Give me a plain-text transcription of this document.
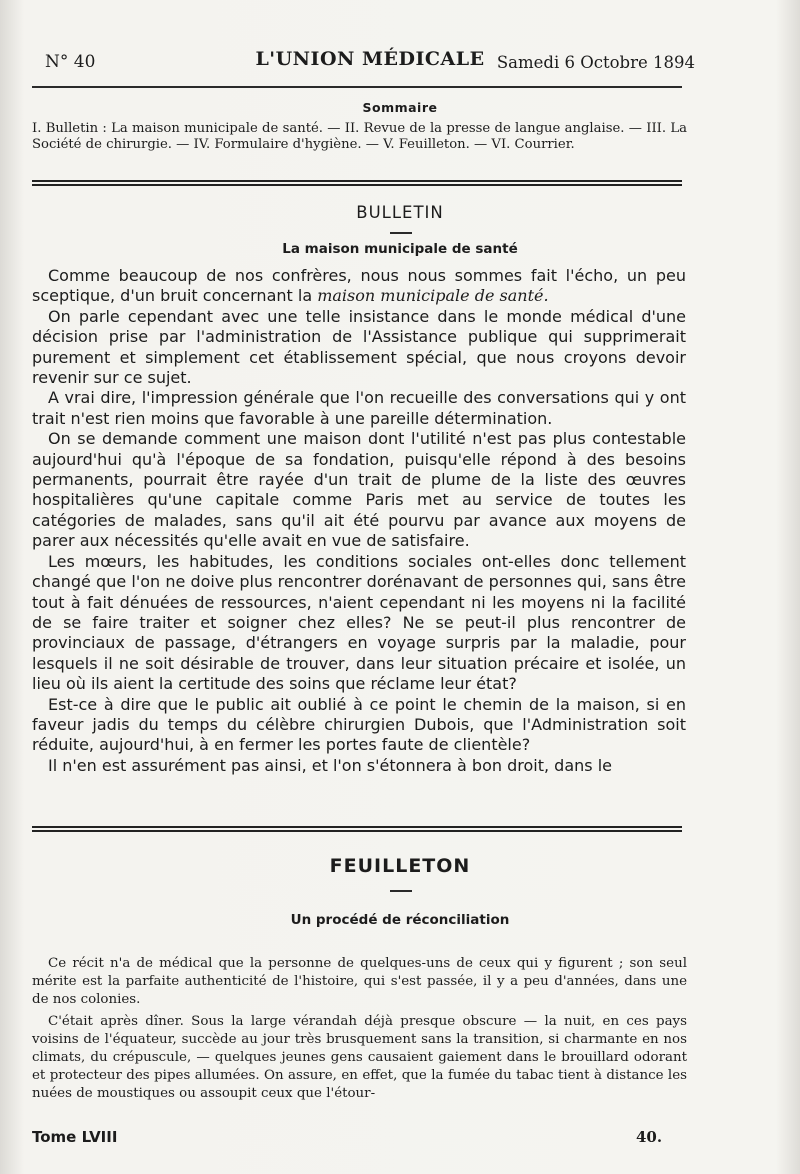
N° 40	L'UNION MÉDICALE Samedi 6 Octobre 1894
Sommaire

I. Bulletin : La maison municipale de santé. — II. Revue de la presse de langue anglaise. — III. La Société de chirurgie. — IV. Formulaire d'hygiène. — V. Feuilleton. — VI. Courrier.

BULLETIN
La maison municipale de santé

Comme beaucoup de nos confrères, nous nous sommes fait l'écho, un peu sceptique, d'un bruit concernant la maison municipale de santé.

On parle cependant avec une telle insistance dans le monde médical d'une décision prise par l'administration de l'Assistance publique qui supprimerait purement et simplement cet établissement spécial, que nous croyons devoir revenir sur ce sujet.

A vrai dire, l'impression générale que l'on recueille des conversations qui y ont trait n'est rien moins que favorable à une pareille détermination.

On se demande comment une maison dont l'utilité n'est pas plus contestable aujourd'hui qu'à l'époque de sa fondation, puisqu'elle répond à des besoins permanents, pourrait être rayée d'un trait de plume de la liste des œuvres hospitalières qu'une capitale comme Paris met au service de toutes les catégories de malades, sans qu'il ait été pourvu par avance aux moyens de parer aux nécessités qu'elle avait en vue de satisfaire.

Les mœurs, les habitudes, les conditions sociales ont-elles donc tellement changé que l'on ne doive plus rencontrer dorénavant de personnes qui, sans être tout à fait dénuées de ressources, n'aient cependant ni les moyens ni la facilité de se faire traiter et soigner chez elles? Ne se peut-il plus rencontrer de provinciaux de passage, d'étrangers en voyage surpris par la maladie, pour lesquels il ne soit désirable de trouver, dans leur situation précaire et isolée, un lieu où ils aient la certitude des soins que réclame leur état?

Est-ce à dire que le public ait oublié à ce point le chemin de la maison, si en faveur jadis du temps du célèbre chirurgien Dubois, que l'Administration soit réduite, aujourd'hui, à en fermer les portes faute de clientèle?

Il n'en est assurément pas ainsi, et l'on s'étonnera à bon droit, dans le

FEUILLETON
Un procédé de réconciliation

Ce récit n'a de médical que la personne de quelques-uns de ceux qui y figurent ; son seul mérite est la parfaite authenticité de l'histoire, qui s'est passée, il y a peu d'années, dans une de nos colonies.

C'était après dîner. Sous la large vérandah déjà presque obscure — la nuit, en ces pays voisins de l'équateur, succède au jour très brusquement sans la transition, si charmante en nos climats, du crépuscule, — quelques jeunes gens causaient gaiement dans le brouillard odorant et protecteur des pipes allumées. On assure, en effet, que la fumée du tabac tient à distance les nuées de moustiques ou assoupit ceux que l'étour-

Tome LVIII	40.
